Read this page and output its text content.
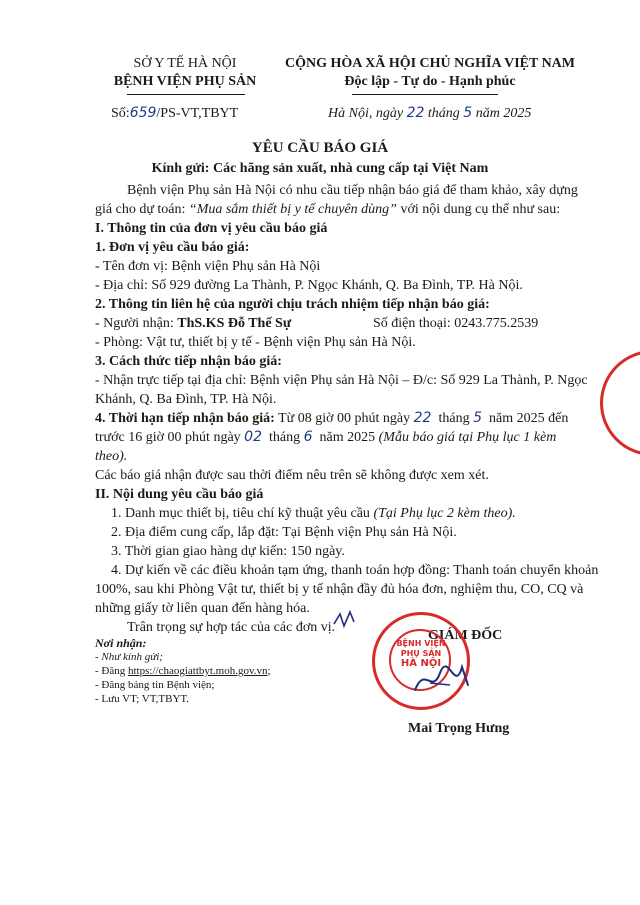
SỞ Y TẾ HÀ NỘI
BỆNH VIỆN PHỤ SẢN
Số:659/PS-VT,TBYT
CỘNG HÒA XÃ HỘI CHỦ NGHĨA VIỆT NAM
Độc lập - Tự do - Hạnh phúc
Hà Nội, ngày 22 tháng 5 năm 2025
YÊU CẦU BÁO GIÁ
Kính gửi: Các hãng sản xuất, nhà cung cấp tại Việt Nam

Bệnh viện Phụ sản Hà Nội có nhu cầu tiếp nhận báo giá để tham khảo, xây dựng

giá cho dự toán: “Mua sắm thiết bị y tế chuyên dùng” với nội dung cụ thể như sau:

I. Thông tin của đơn vị yêu cầu báo giá

1. Đơn vị yêu cầu báo giá:

- Tên đơn vị: Bệnh viện Phụ sản Hà Nội

- Địa chỉ: Số 929 đường La Thành, P. Ngọc Khánh, Q. Ba Đình, TP. Hà Nội.

2. Thông tin liên hệ của người chịu trách nhiệm tiếp nhận báo giá:

- Người nhận: ThS.KS Đỗ Thế Sự	Số điện thoại: 0243.775.2539

- Phòng: Vật tư, thiết bị y tế - Bệnh viện Phụ sản Hà Nội.

3. Cách thức tiếp nhận báo giá:

- Nhận trực tiếp tại địa chỉ: Bệnh viện Phụ sản Hà Nội – Đ/c: Số 929 La Thành, P. Ngọc

Khánh, Q. Ba Đình, TP. Hà Nội.

4. Thời hạn tiếp nhận báo giá: Từ 08 giờ 00 phút ngày 22 tháng 5 năm 2025 đến

trước 16 giờ 00 phút ngày 02 tháng 6 năm 2025 (Mẫu báo giá tại Phụ lục 1 kèm

theo).

Các báo giá nhận được sau thời điểm nêu trên sẽ không được xem xét.

II. Nội dung yêu cầu báo giá

1. Danh mục thiết bị, tiêu chí kỹ thuật yêu cầu (Tại Phụ lục 2 kèm theo).

2. Địa điểm cung cấp, lắp đặt: Tại Bệnh viện Phụ sản Hà Nội.

3. Thời gian giao hàng dự kiến: 150 ngày.

4. Dự kiến về các điều khoản tạm ứng, thanh toán hợp đồng: Thanh toán chuyển khoản

100%, sau khi Phòng Vật tư, thiết bị y tế nhận đầy đủ hóa đơn, nghiệm thu, CO, CQ và

những giấy tờ liên quan đến hàng hóa.

Trân trọng sự hợp tác của các đơn vị.

Nơi nhận:
- Như kính gửi;
- Đăng https://chaogiattbyt.moh.gov.vn;
- Đăng bảng tin Bệnh viện;
- Lưu VT; VT,TBYT.
GIÁM ĐỐC
BỆNH VIỆN
PHỤ SẢN
HÀ NỘI
Mai Trọng Hưng
